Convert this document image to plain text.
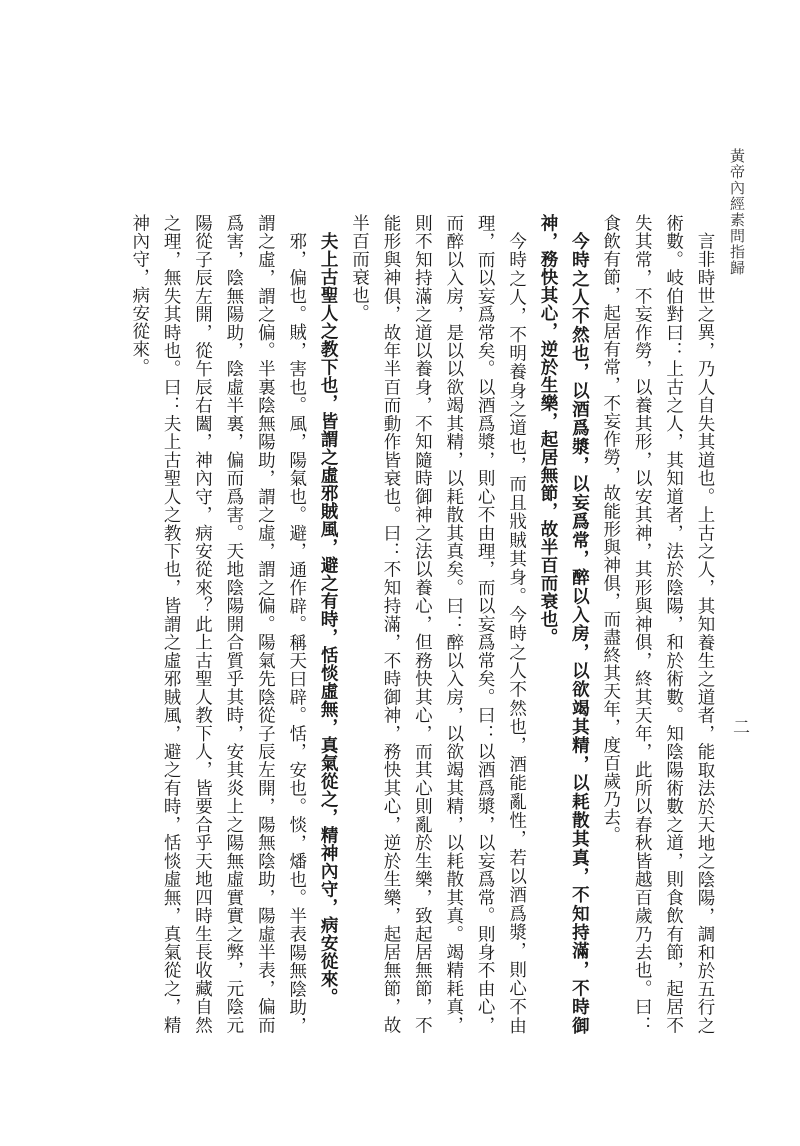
黃帝內經素問指歸
二

言非時世之異，乃人自失其道也。上古之人，其知養生之道者，能取法於天地之陰陽，調和於五行之術數。岐伯對曰：上古之人，其知道者，法於陰陽，和於術數。知陰陽術數之道，則食飲有節，起居不失其常，不妄作勞，以養其形，以安其神，其形與神俱，終其天年，此所以春秋皆越百歲乃去也。曰：食飲有節，起居有常，不妄作勞，故能形與神俱，而盡終其天年，度百歲乃去。

今時之人不然也，以酒爲漿，以妄爲常，醉以入房，以欲竭其精，以耗散其真，不知持滿，不時御神，務快其心，逆於生樂，起居無節，故半百而衰也。

今時之人，不明養身之道也，而且戕賊其身。今時之人不然也，酒能亂性，若以酒爲漿，則心不由理，而以妄爲常矣。以酒爲漿，則心不由理，而以妄爲常矣。曰：以酒爲漿，以妄爲常。則身不由心，而醉以入房，是以以欲竭其精，以耗散其真矣。曰：醉以入房，以欲竭其精，以耗散其真。竭精耗真，則不知持滿之道以養身，不知隨時御神之法以養心，但務快其心，而其心則亂於生樂，致起居無節，不能形與神俱，故年半百而動作皆衰也。曰：不知持滿，不時御神，務快其心，逆於生樂，起居無節，故半百而衰也。

夫上古聖人之教下也，皆謂之虛邪賊風，避之有時，恬惔虛無，真氣從之，精神內守，病安從來。

邪，偏也。賊，害也。風，陽氣也。避，通作辟。稱天曰辟。恬，安也。惔，燔也。半表陽無陰助，謂之虛，謂之偏。半裏陰無陽助，謂之虛，謂之偏。陽氣先陰從子辰左開，陽無陰助，陽虛半表，偏而爲害，陰無陽助，陰虛半裏，偏而爲害。天地陰陽開合質乎其時，安其炎上之陽無虛實實之弊，元陰元陽從子辰左開，從午辰右闔，神內守，病安從來？此上古聖人教下人，皆要合乎天地四時生長收藏自然之理，無失其時也。曰：夫上古聖人之教下也，皆謂之虛邪賊風，避之有時，恬惔虛無，真氣從之，精神內守，病安從來。
